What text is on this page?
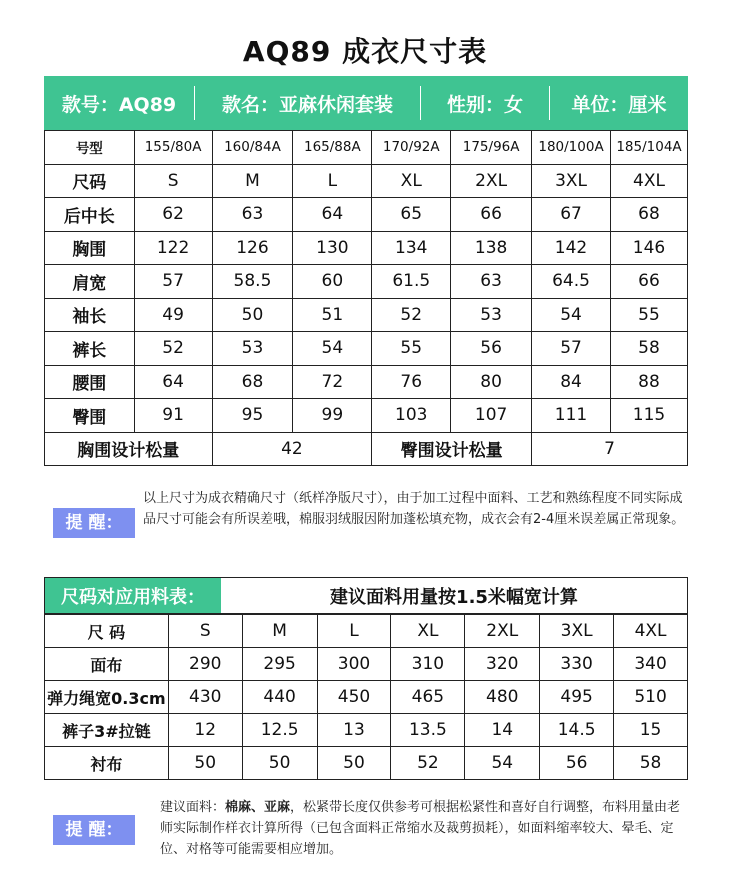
AQ89 成衣尺寸表
款号：AQ89	款名：亚麻休闲套装	性别：女	单位：厘米
号型	155/80A	160/84A	165/88A	170/92A	175/96A	180/100A	185/104A
尺码	S	M	L	XL	2XL	3XL	4XL
后中长	62	63	64	65	66	67	68
胸围	122	126	130	134	138	142	146
肩宽	57	58.5	60	61.5	63	64.5	66
袖长	49	50	51	52	53	54	55
裤长	52	53	54	55	56	57	58
腰围	64	68	72	76	80	84	88
臀围	91	95	99	103	107	111	115
胸围设计松量		42		臀围设计松量		7	
提 醒：
以上尺寸为成衣精确尺寸（纸样净版尺寸），由于加工过程中面料、工艺和熟练程度不同实际成品尺寸可能会有所误差哦，棉服羽绒服因附加蓬松填充物，成衣会有2-4厘米误差属正常现象。
尺码对应用料表：	建议面料用量按1.5米幅宽计算
尺 码	S	M	L	XL	2XL	3XL	4XL
面布	290	295	300	310	320	330	340
弹力绳宽0.3cm	430	440	450	465	480	495	510
裤子3#拉链	12	12.5	13	13.5	14	14.5	15
衬布	50	50	50	52	54	56	58
提 醒：
建议面料：棉麻、亚麻，松紧带长度仅供参考可根据松紧性和喜好自行调整，布料用量由老师实际制作样衣计算所得（已包含面料正常缩水及裁剪损耗），如面料缩率较大、晕毛、定位、对格等可能需要相应增加。
